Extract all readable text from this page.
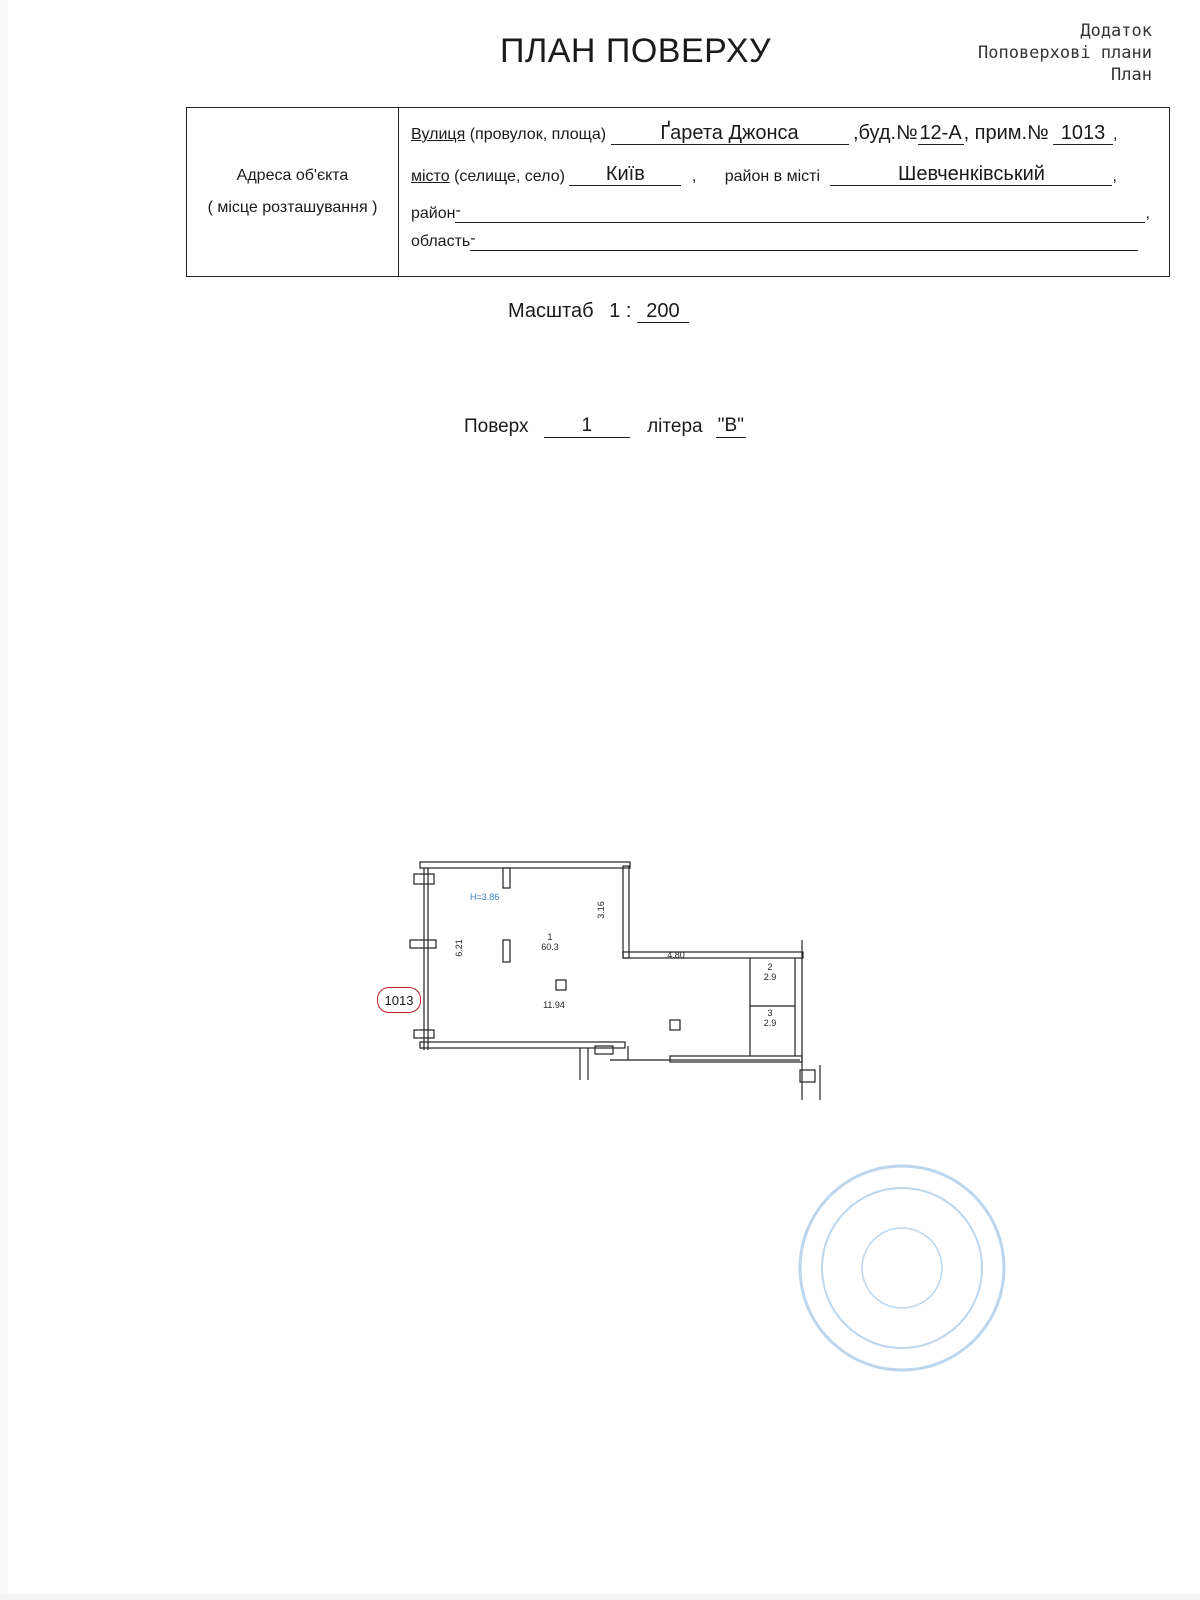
ПЛАН ПОВЕРХУ
Додаток
Поповерхові плани
План
Адреса об'єкта
( місце розташування )
Вулиця (провулок, площа)	Ґарета Джонса	,буд.№12-А, прим.№ 1013 ,
місто (селище, село) Київ	, район в місті	Шевченківський	,
район-	,
область-
Масштаб 1 : 200
Поверх	1	літера "В"
1013
H=3.86
1
60.3
2
2.9
3
2.9
3.16
6.21	4.80
11.94
